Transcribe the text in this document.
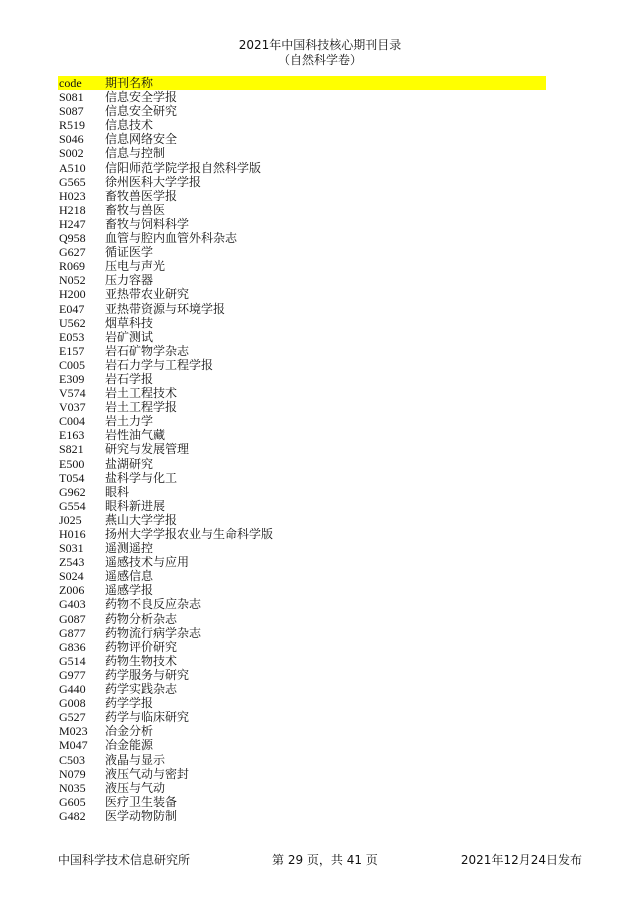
2021年中国科技核心期刊目录
（自然科学卷）
code	期刊名称
S081	信息安全学报
S087	信息安全研究
R519	信息技术
S046	信息网络安全
S002	信息与控制
A510	信阳师范学院学报自然科学版
G565	徐州医科大学学报
H023	畜牧兽医学报
H218	畜牧与兽医
H247	畜牧与饲料科学
Q958	血管与腔内血管外科杂志
G627	循证医学
R069	压电与声光
N052	压力容器
H200	亚热带农业研究
E047	亚热带资源与环境学报
U562	烟草科技
E053	岩矿测试
E157	岩石矿物学杂志
C005	岩石力学与工程学报
E309	岩石学报
V574	岩土工程技术
V037	岩土工程学报
C004	岩土力学
E163	岩性油气藏
S821	研究与发展管理
E500	盐湖研究
T054	盐科学与化工
G962	眼科
G554	眼科新进展
J025	燕山大学学报
H016	扬州大学学报农业与生命科学版
S031	遥测遥控
Z543	遥感技术与应用
S024	遥感信息
Z006	遥感学报
G403	药物不良反应杂志
G087	药物分析杂志
G877	药物流行病学杂志
G836	药物评价研究
G514	药物生物技术
G977	药学服务与研究
G440	药学实践杂志
G008	药学学报
G527	药学与临床研究
M023	冶金分析
M047	冶金能源
C503	液晶与显示
N079	液压气动与密封
N035	液压与气动
G605	医疗卫生装备
G482	医学动物防制
中国科学技术信息研究所	第 29 页，共 41 页	2021年12月24日发布
